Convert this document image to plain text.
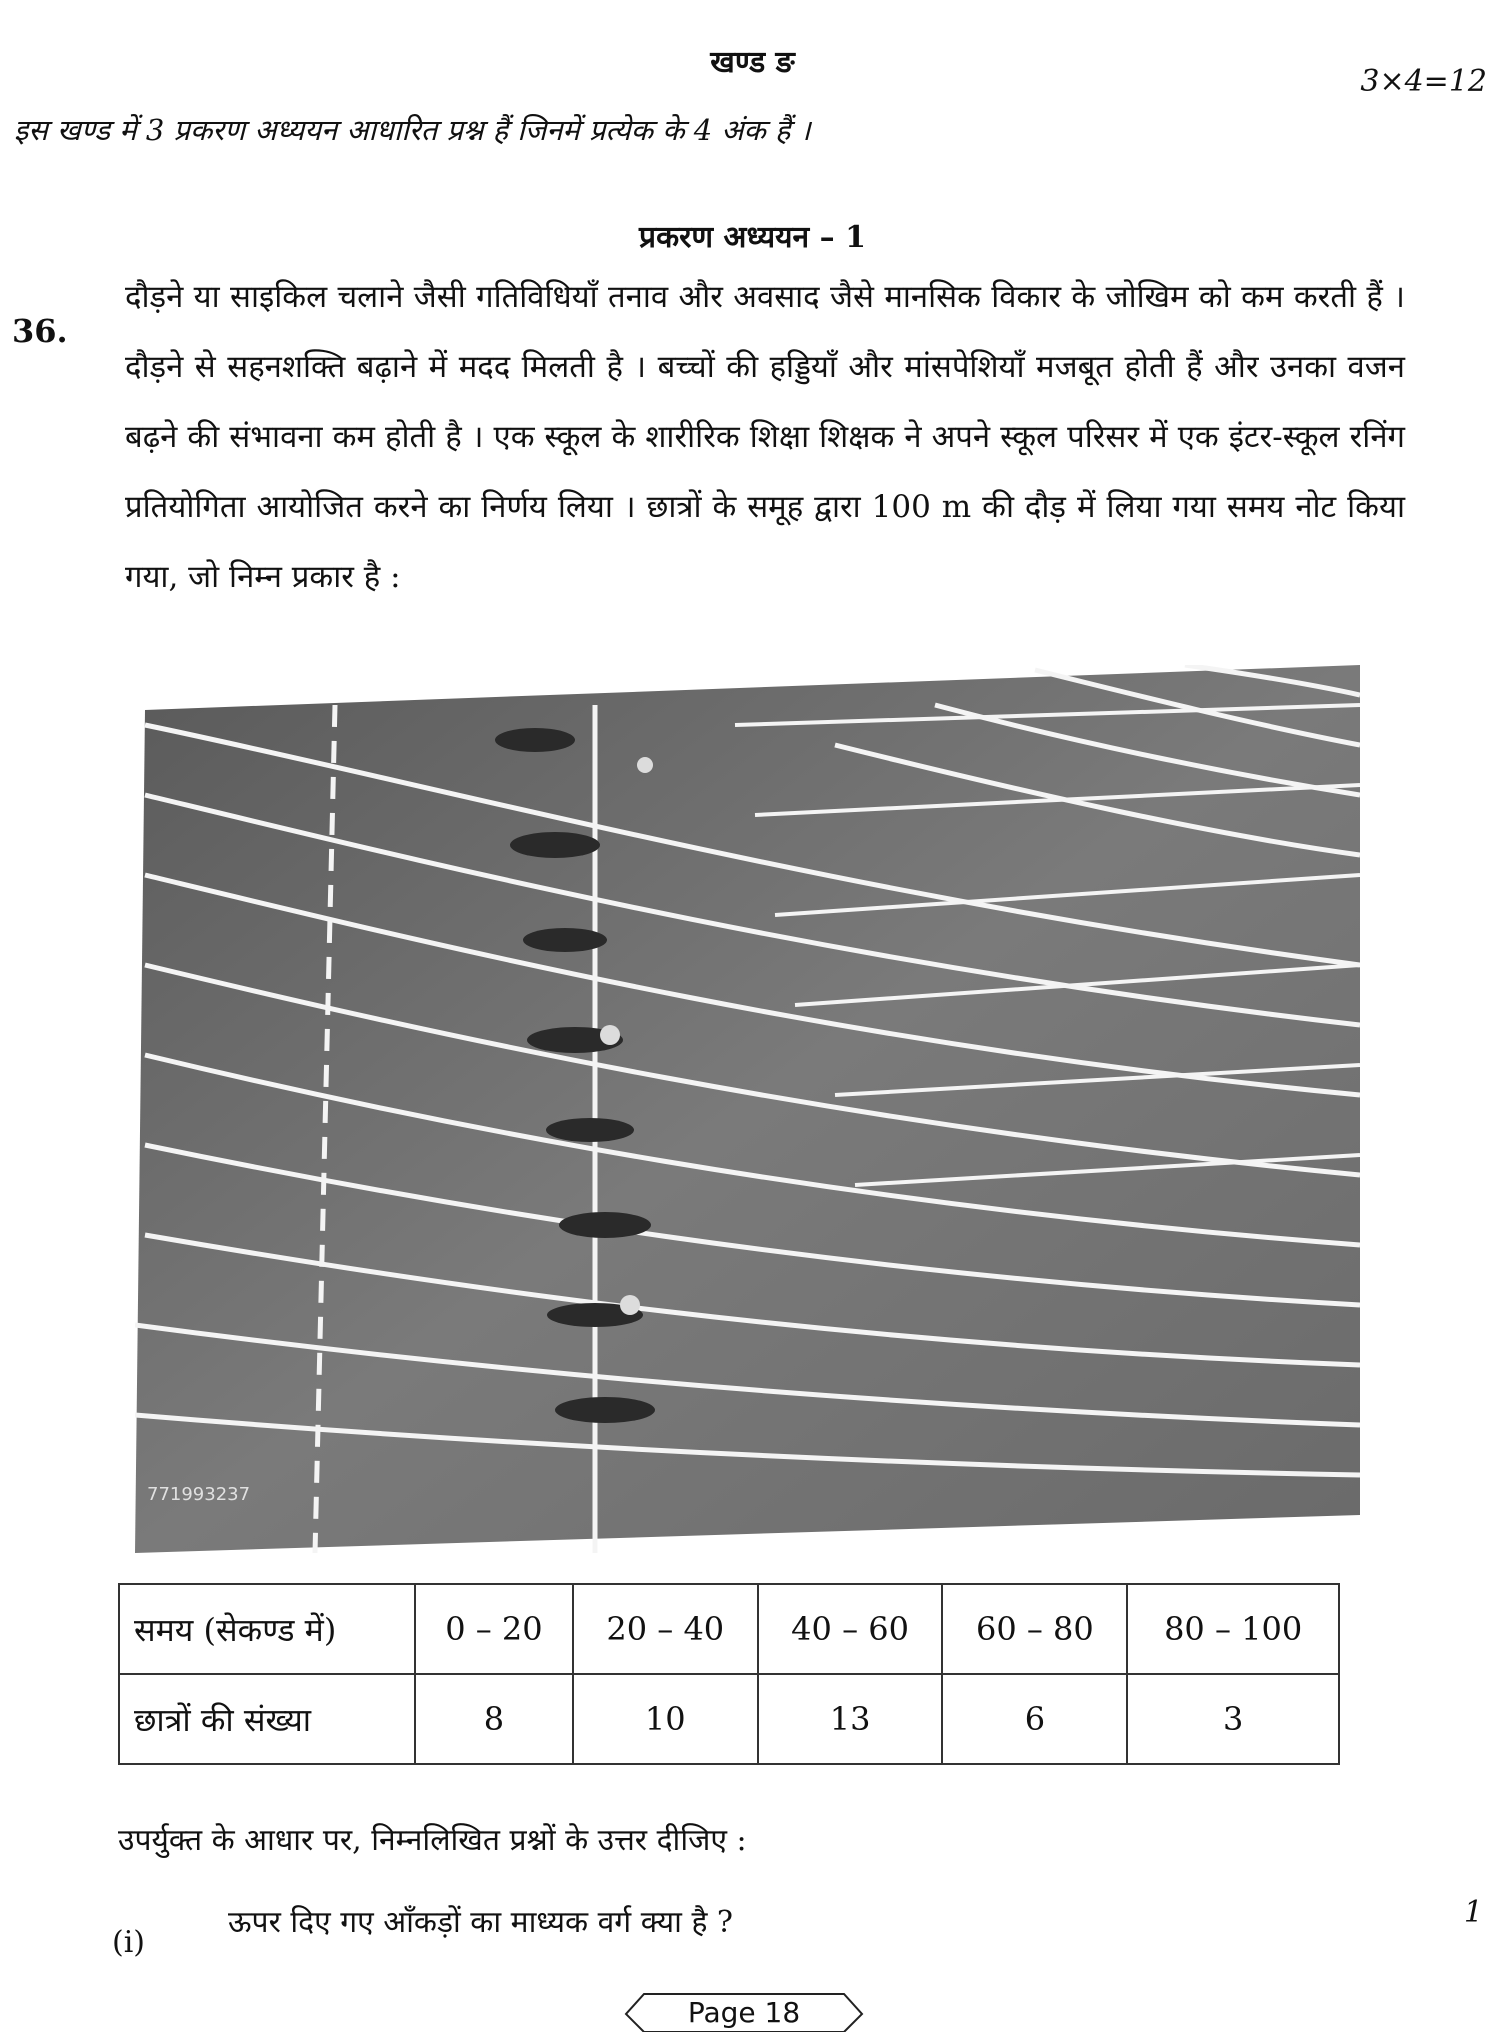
खण्ड ङ
3×4=12
इस खण्ड में 3 प्रकरण अध्ययन आधारित प्रश्न हैं जिनमें प्रत्येक के 4 अंक हैं ।
प्रकरण अध्ययन – 1
36.
दौड़ने या साइकिल चलाने जैसी गतिविधियाँ तनाव और अवसाद जैसे मानसिक विकार के जोखिम को कम करती हैं । दौड़ने से सहनशक्ति बढ़ाने में मदद मिलती है । बच्चों की हड्डियाँ और मांसपेशियाँ मजबूत होती हैं और उनका वजन बढ़ने की संभावना कम होती है । एक स्कूल के शारीरिक शिक्षा शिक्षक ने अपने स्कूल परिसर में एक इंटर-स्कूल रनिंग प्रतियोगिता आयोजित करने का निर्णय लिया । छात्रों के समूह द्वारा 100 m की दौड़ में लिया गया समय नोट किया गया, जो निम्न प्रकार है :
771993237
समय (सेकण्ड में)	0 – 20	20 – 40	40 – 60	60 – 80	80 – 100
छात्रों की संख्या	8	10	13	6	3
उपर्युक्त के आधार पर, निम्नलिखित प्रश्नों के उत्तर दीजिए :
(i)
ऊपर दिए गए आँकड़ों का माध्यक वर्ग क्या है ?	1
Page 18
